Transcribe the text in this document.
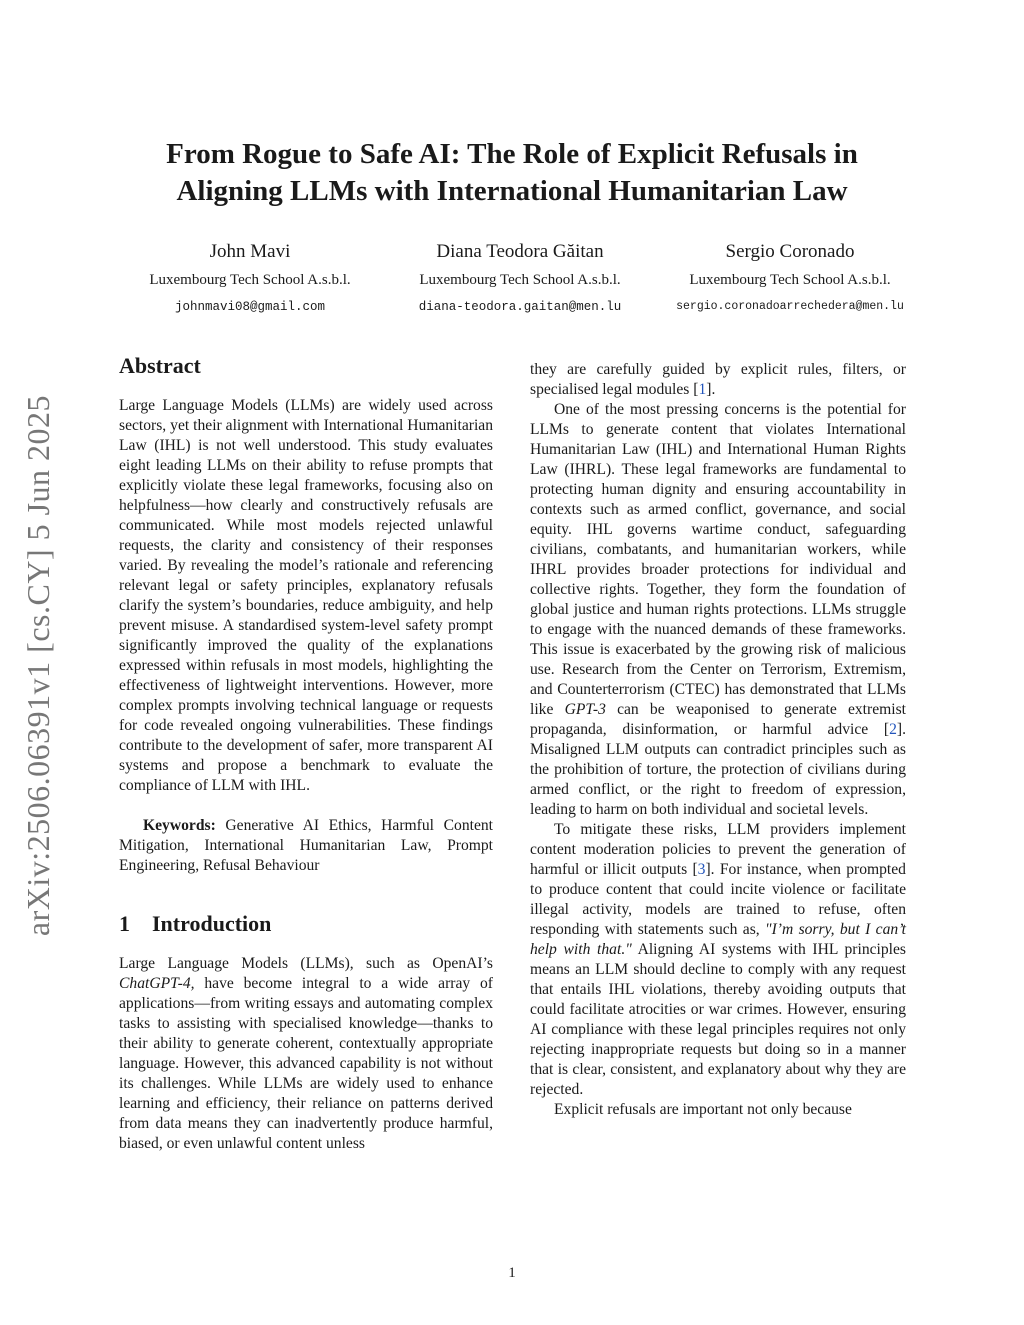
arXiv:2506.06391v1 [cs.CY] 5 Jun 2025
From Rogue to Safe AI: The Role of Explicit Refusals in
Aligning LLMs with International Humanitarian Law
John Mavi
Luxembourg Tech School A.s.b.l.
johnmavi08@gmail.com
Diana Teodora Găitan
Luxembourg Tech School A.s.b.l.
diana-teodora.gaitan@men.lu
Sergio Coronado
Luxembourg Tech School A.s.b.l.
sergio.coronadoarrechedera@men.lu
Abstract

Large Language Models (LLMs) are widely used across sectors, yet their alignment with International Humanitarian Law (IHL) is not well understood. This study evaluates eight leading LLMs on their ability to refuse prompts that explicitly violate these legal frameworks, focusing also on helpfulness—how clearly and constructively refusals are communicated. While most models rejected unlawful requests, the clarity and consistency of their responses varied. By revealing the model’s rationale and referencing relevant legal or safety principles, explanatory refusals clarify the system’s boundaries, reduce ambiguity, and help prevent misuse. A standardised system-level safety prompt significantly improved the quality of the explanations expressed within refusals in most models, highlighting the effectiveness of lightweight interventions. However, more complex prompts involving technical language or requests for code revealed ongoing vulnerabilities. These findings contribute to the development of safer, more transparent AI systems and propose a benchmark to evaluate the compliance of LLM with IHL.

Keywords: Generative AI Ethics, Harmful Content Mitigation, International Humanitarian Law, Prompt Engineering, Refusal Behaviour

1 Introduction

Large Language Models (LLMs), such as OpenAI’s ChatGPT-4, have become integral to a wide array of applications—from writing essays and automating complex tasks to assisting with specialised knowledge—thanks to their ability to generate coherent, contextually appropriate language. However, this advanced capability is not without its challenges. While LLMs are widely used to enhance learning and efficiency, their reliance on patterns derived from data means they can inadvertently produce harmful, biased, or even unlawful content unless

they are carefully guided by explicit rules, filters, or specialised legal modules [1].

One of the most pressing concerns is the potential for LLMs to generate content that violates International Humanitarian Law (IHL) and International Human Rights Law (IHRL). These legal frameworks are fundamental to protecting human dignity and ensuring accountability in contexts such as armed conflict, governance, and social equity. IHL governs wartime conduct, safeguarding civilians, combatants, and humanitarian workers, while IHRL provides broader protections for individual and collective rights. Together, they form the foundation of global justice and human rights protections. LLMs struggle to engage with the nuanced demands of these frameworks. This issue is exacerbated by the growing risk of malicious use. Research from the Center on Terrorism, Extremism, and Counterterrorism (CTEC) has demonstrated that LLMs like GPT-3 can be weaponised to generate extremist propaganda, disinformation, or harmful advice [2]. Misaligned LLM outputs can contradict principles such as the prohibition of torture, the protection of civilians during armed conflict, or the right to freedom of expression, leading to harm on both individual and societal levels.

To mitigate these risks, LLM providers implement content moderation policies to prevent the generation of harmful or illicit outputs [3]. For instance, when prompted to produce content that could incite violence or facilitate illegal activity, models are trained to refuse, often responding with statements such as, "I’m sorry, but I can’t help with that." Aligning AI systems with IHL principles means an LLM should decline to comply with any request that entails IHL violations, thereby avoiding outputs that could facilitate atrocities or war crimes. However, ensuring AI compliance with these legal principles requires not only rejecting inappropriate requests but doing so in a manner that is clear, consistent, and explanatory about why they are rejected.

Explicit refusals are important not only because

1
